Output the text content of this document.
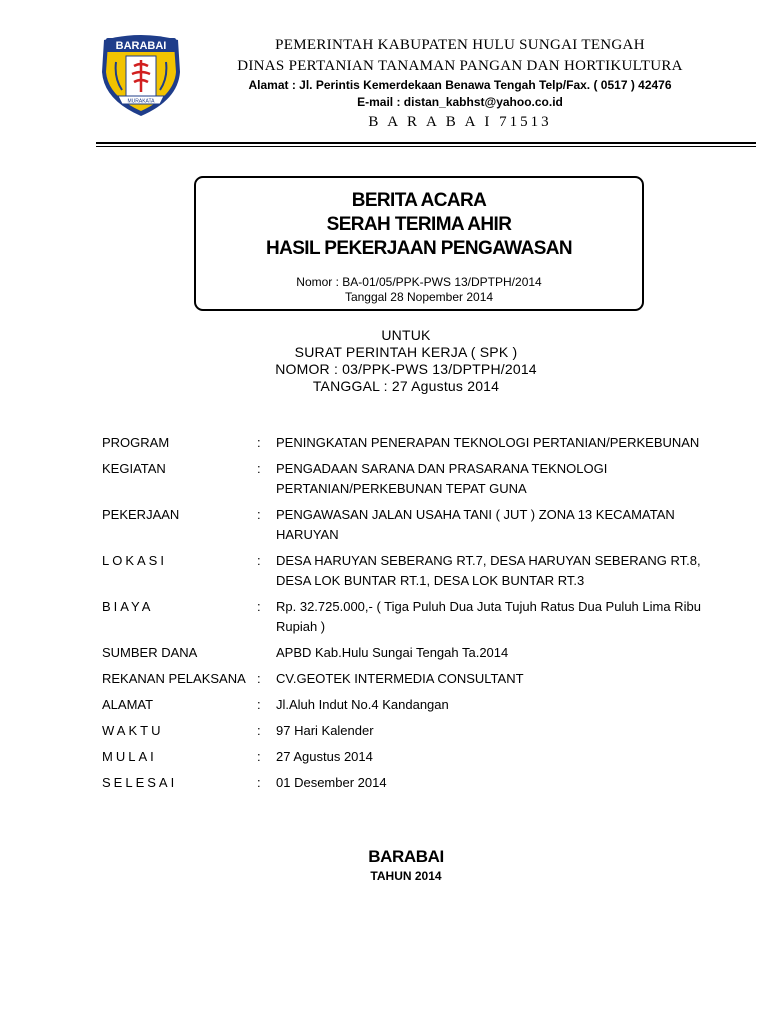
BARABAI
MURAKATA
PEMERINTAH KABUPATEN HULU SUNGAI TENGAH
DINAS PERTANIAN TANAMAN PANGAN DAN HORTIKULTURA
Alamat : Jl. Perintis Kemerdekaan Benawa Tengah Telp/Fax. ( 0517 ) 42476
E-mail : distan_kabhst@yahoo.co.id
B A R A B A I 71513
BERITA ACARA
SERAH TERIMA AHIR
HASIL PEKERJAAN PENGAWASAN
Nomor : BA-01/05/PPK-PWS 13/DPTPH/2014
Tanggal 28 Nopember 2014
UNTUK
SURAT PERINTAH KERJA ( SPK )
NOMOR : 03/PPK-PWS 13/DPTPH/2014
TANGGAL : 27 Agustus 2014
PROGRAM	: PENINGKATAN PENERAPAN TEKNOLOGI PERTANIAN/PERKEBUNAN
KEGIATAN	: PENGADAAN SARANA DAN PRASARANA TEKNOLOGI
PERTANIAN/PERKEBUNAN TEPAT GUNA
PEKERJAAN	: PENGAWASAN JALAN USAHA TANI ( JUT ) ZONA 13 KECAMATAN
HARUYAN
LOKASI	: DESA HARUYAN SEBERANG RT.7, DESA HARUYAN SEBERANG RT.8,
DESA LOK BUNTAR RT.1, DESA LOK BUNTAR RT.3
BIAYA	: Rp. 32.725.000,- ( Tiga Puluh Dua Juta Tujuh Ratus Dua Puluh Lima Ribu
Rupiah )
SUMBER DANA	APBD Kab.Hulu Sungai Tengah Ta.2014
REKANAN PELAKSANA : CV.GEOTEK INTERMEDIA CONSULTANT
ALAMAT	: Jl.Aluh Indut No.4 Kandangan
WAKTU	: 97 Hari Kalender
MULAI	: 27 Agustus 2014
SELESAI	: 01 Desember 2014
BARABAI
TAHUN 2014
